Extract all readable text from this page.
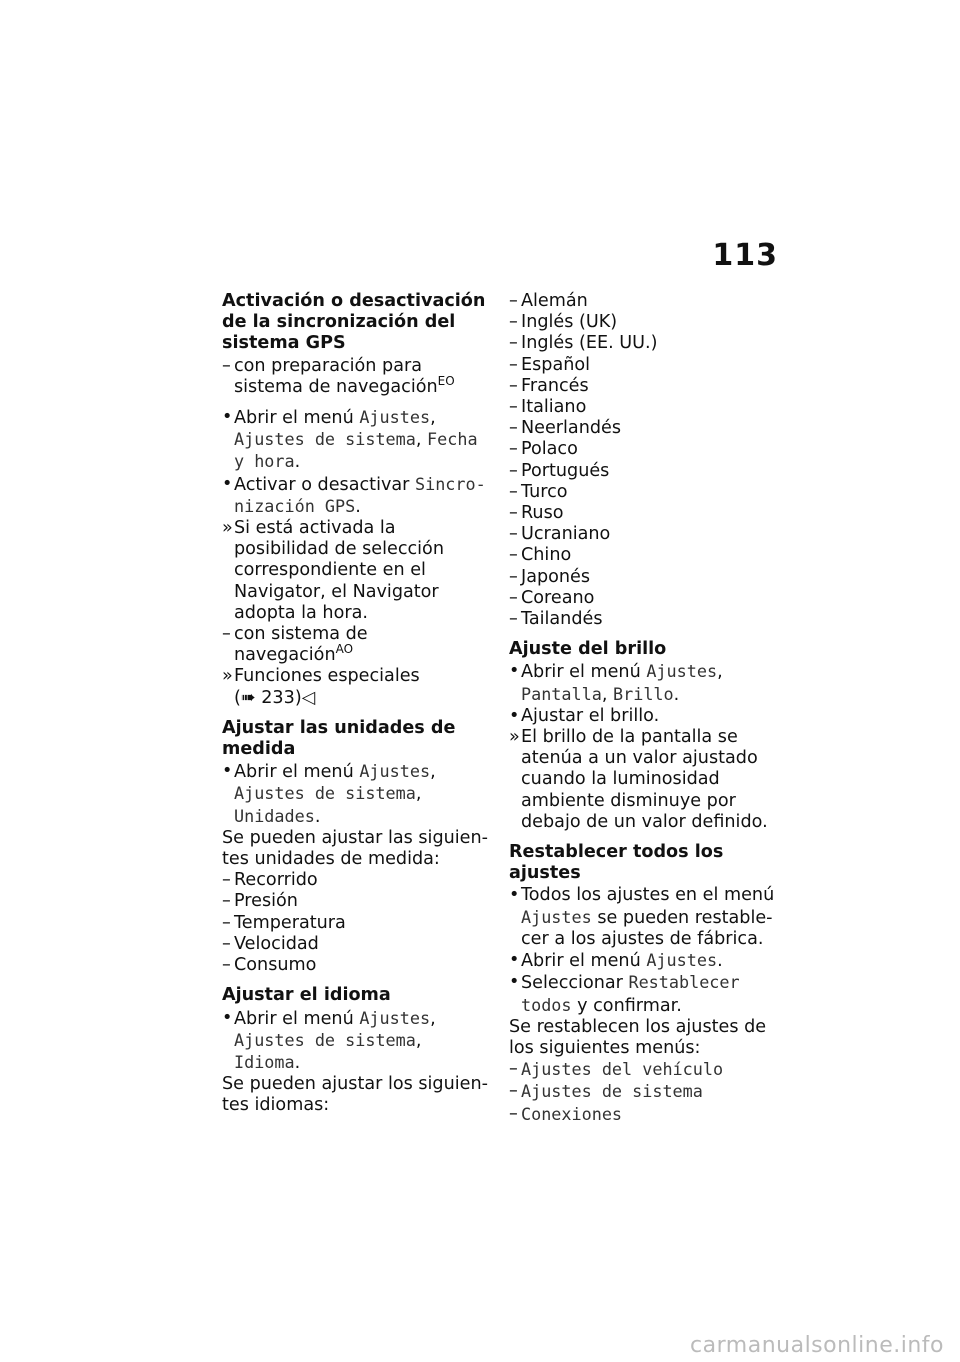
113
Activación o desactivación de la sincronización del sistema GPS
– con preparación para sistema de navegación$^{EO}$
• Abrir el menú Ajustes, Ajustes de sistema, Fecha y hora.
• Activar o desactivar Sincro-nización GPS.
» Si está activada la posibilidad de selección correspondiente en el Navigator, el Navigator adopta la hora.
– con sistema de navegación$^{AO}$
» Funciones especiales
(➠ 233)◁
Ajustar las unidades de medida
• Abrir el menú Ajustes, Ajustes de sistema, Unidades.
Se pueden ajustar las siguien-tes unidades de medida:
– Recorrido
– Presión
– Temperatura
– Velocidad
– Consumo
Ajustar el idioma
• Abrir el menú Ajustes, Ajustes de sistema, Idioma.
Se pueden ajustar los siguien-tes idiomas:
– Alemán
– Inglés (UK)
– Inglés (EE. UU.)
– Español
– Francés
– Italiano
– Neerlandés
– Polaco
– Portugués
– Turco
– Ruso
– Ucraniano
– Chino
– Japonés
– Coreano
– Tailandés
Ajuste del brillo
• Abrir el menú Ajustes, Pantalla, Brillo.
• Ajustar el brillo.
» El brillo de la pantalla se atenúa a un valor ajustado cuando la luminosidad ambiente disminuye por debajo de un valor definido.
Restablecer todos los ajustes
• Todos los ajustes en el menú Ajustes se pueden restable-cer a los ajustes de fábrica.
• Abrir el menú Ajustes.
• Seleccionar Restablecer todos y confirmar.
Se restablecen los ajustes de los siguientes menús:
– Ajustes del vehículo
– Ajustes de sistema
– Conexiones
carmanualsonline.info
